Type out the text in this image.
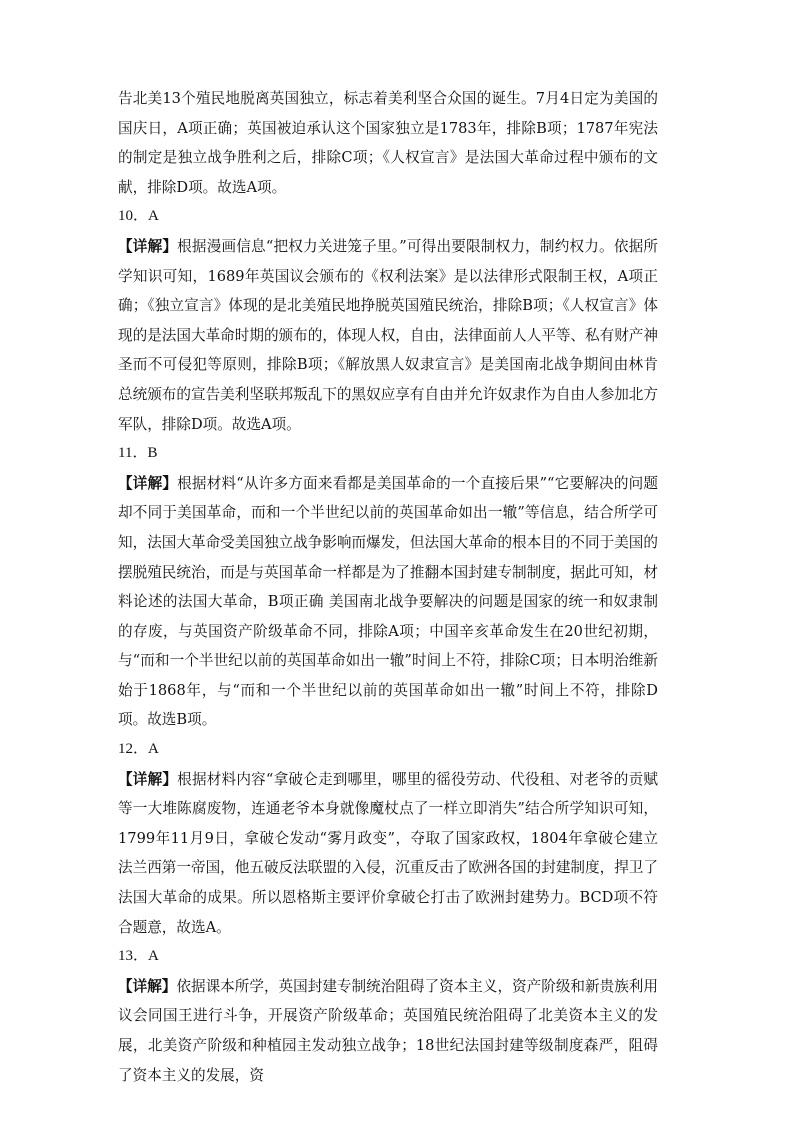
告北美13个殖民地脱离英国独立，标志着美利坚合众国的诞生。7月4日定为美国的国庆日，A项正确；英国被迫承认这个国家独立是1783年，排除B项；1787年宪法的制定是独立战争胜利之后，排除C项；《人权宣言》是法国大革命过程中颁布的文献，排除D项。故选A项。

10．A

【详解】根据漫画信息“把权力关进笼子里。”可得出要限制权力，制约权力。依据所学知识可知，1689年英国议会颁布的《权利法案》是以法律形式限制王权，A项正确；《独立宣言》体现的是北美殖民地挣脱英国殖民统治，排除B项；《人权宣言》体现的是法国大革命时期的颁布的，体现人权，自由，法律面前人人平等、私有财产神圣而不可侵犯等原则，排除B项；《解放黑人奴隶宣言》是美国南北战争期间由林肯总统颁布的宣告美利坚联邦叛乱下的黑奴应享有自由并允许奴隶作为自由人参加北方军队，排除D项。故选A项。

11．B

【详解】根据材料“从许多方面来看都是美国革命的一个直接后果”“它要解决的问题却不同于美国革命，而和一个半世纪以前的英国革命如出一辙”等信息，结合所学可知，法国大革命受美国独立战争影响而爆发，但法国大革命的根本目的不同于美国的摆脱殖民统治，而是与英国革命一样都是为了推翻本国封建专制制度，据此可知，材料论述的法国大革命，B项正确 美国南北战争要解决的问题是国家的统一和奴隶制的存废，与英国资产阶级革命不同，排除A项；中国辛亥革命发生在20世纪初期，与“而和一个半世纪以前的英国革命如出一辙”时间上不符，排除C项；日本明治维新始于1868年，与“而和一个半世纪以前的英国革命如出一辙”时间上不符，排除D项。故选B项。

12．A

【详解】根据材料内容“拿破仑走到哪里，哪里的徭役劳动、代役租、对老爷的贡赋等一大堆陈腐废物，连通老爷本身就像魔杖点了一样立即消失”结合所学知识可知，1799年11月9日，拿破仑发动“雾月政变”，夺取了国家政权，1804年拿破仑建立法兰西第一帝国，他五破反法联盟的入侵，沉重反击了欧洲各国的封建制度，捍卫了法国大革命的成果。所以恩格斯主要评价拿破仑打击了欧洲封建势力。BCD项不符合题意，故选A。

13．A

【详解】依据课本所学，英国封建专制统治阻碍了资本主义，资产阶级和新贵族利用议会同国王进行斗争，开展资产阶级革命；英国殖民统治阻碍了北美资本主义的发展，北美资产阶级和种植园主发动独立战争；18世纪法国封建等级制度森严，阻碍了资本主义的发展，资
